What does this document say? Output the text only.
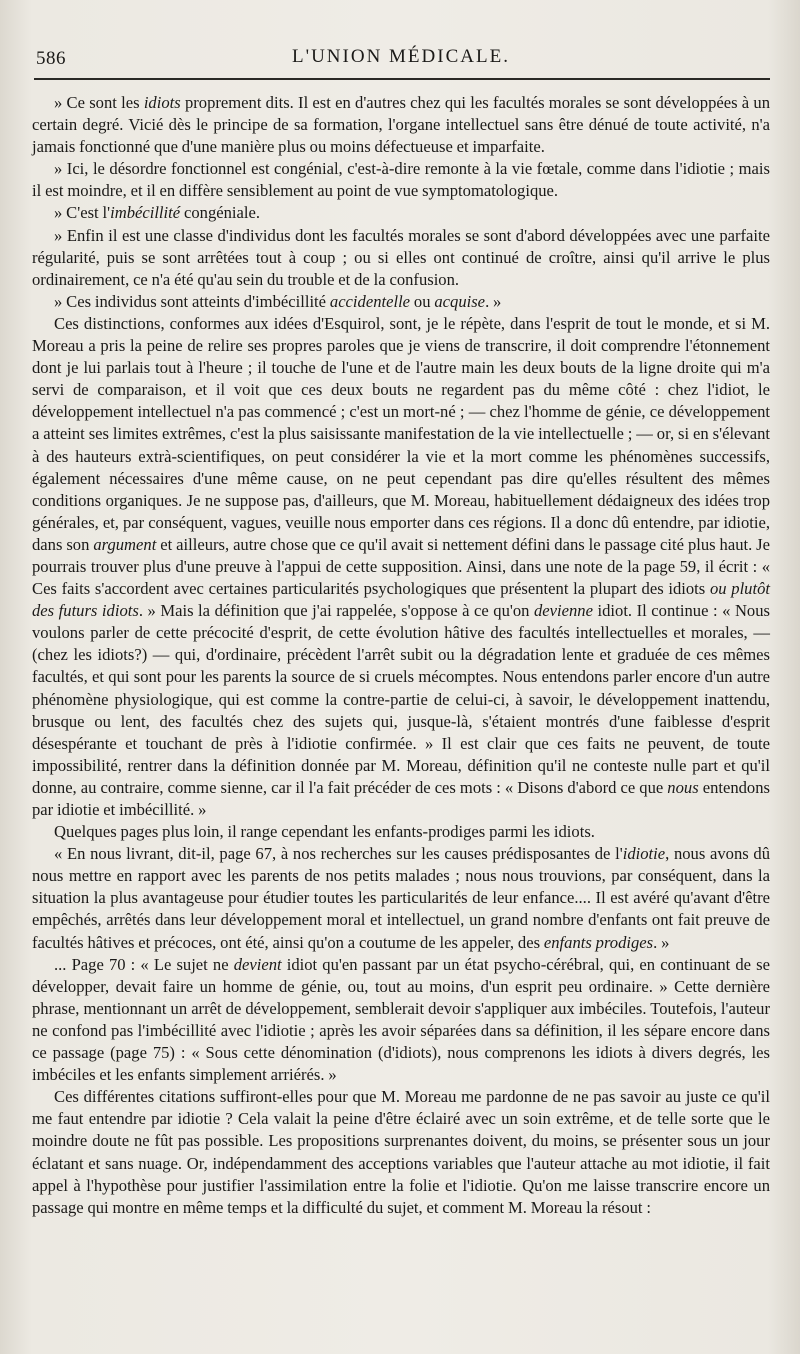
586	L'UNION MÉDICALE.

» Ce sont les idiots proprement dits. Il est en d'autres chez qui les facultés morales se sont développées à un certain degré. Vicié dès le principe de sa formation, l'organe intellectuel sans être dénué de toute activité, n'a jamais fonctionné que d'une manière plus ou moins défectueuse et imparfaite.

» Ici, le désordre fonctionnel est congénial, c'est-à-dire remonte à la vie fœtale, comme dans l'idiotie ; mais il est moindre, et il en diffère sensiblement au point de vue symptomatologique.

» C'est l'imbécillité congéniale.

» Enfin il est une classe d'individus dont les facultés morales se sont d'abord développées avec une parfaite régularité, puis se sont arrêtées tout à coup ; ou si elles ont continué de croître, ainsi qu'il arrive le plus ordinairement, ce n'a été qu'au sein du trouble et de la confusion.

» Ces individus sont atteints d'imbécillité accidentelle ou acquise. »

Ces distinctions, conformes aux idées d'Esquirol, sont, je le répète, dans l'esprit de tout le monde, et si M. Moreau a pris la peine de relire ses propres paroles que je viens de transcrire, il doit comprendre l'étonnement dont je lui parlais tout à l'heure ; il touche de l'une et de l'autre main les deux bouts de la ligne droite qui m'a servi de comparaison, et il voit que ces deux bouts ne regardent pas du même côté : chez l'idiot, le développement intellectuel n'a pas commencé ; c'est un mort-né ; — chez l'homme de génie, ce développement a atteint ses limites extrêmes, c'est la plus saisissante manifestation de la vie intellectuelle ; — or, si en s'élevant à des hauteurs extrà-scientifiques, on peut considérer la vie et la mort comme les phénomènes successifs, également nécessaires d'une même cause, on ne peut cependant pas dire qu'elles résultent des mêmes conditions organiques. Je ne suppose pas, d'ailleurs, que M. Moreau, habituellement dédaigneux des idées trop générales, et, par conséquent, vagues, veuille nous emporter dans ces régions. Il a donc dû entendre, par idiotie, dans son argument et ailleurs, autre chose que ce qu'il avait si nettement défini dans le passage cité plus haut. Je pourrais trouver plus d'une preuve à l'appui de cette supposition. Ainsi, dans une note de la page 59, il écrit : « Ces faits s'accordent avec certaines particularités psychologiques que présentent la plupart des idiots ou plutôt des futurs idiots. » Mais la définition que j'ai rappelée, s'oppose à ce qu'on devienne idiot. Il continue : « Nous voulons parler de cette précocité d'esprit, de cette évolution hâtive des facultés intellectuelles et morales, — (chez les idiots?) — qui, d'ordinaire, précèdent l'arrêt subit ou la dégradation lente et graduée de ces mêmes facultés, et qui sont pour les parents la source de si cruels mécomptes. Nous entendons parler encore d'un autre phénomène physiologique, qui est comme la contre-partie de celui-ci, à savoir, le développement inattendu, brusque ou lent, des facultés chez des sujets qui, jusque-là, s'étaient montrés d'une faiblesse d'esprit désespérante et touchant de près à l'idiotie confirmée. » Il est clair que ces faits ne peuvent, de toute impossibilité, rentrer dans la définition donnée par M. Moreau, définition qu'il ne conteste nulle part et qu'il donne, au contraire, comme sienne, car il l'a fait précéder de ces mots : « Disons d'abord ce que nous entendons par idiotie et imbécillité. »

Quelques pages plus loin, il range cependant les enfants-prodiges parmi les idiots.

« En nous livrant, dit-il, page 67, à nos recherches sur les causes prédisposantes de l'idiotie, nous avons dû nous mettre en rapport avec les parents de nos petits malades ; nous nous trouvions, par conséquent, dans la situation la plus avantageuse pour étudier toutes les particularités de leur enfance.... Il est avéré qu'avant d'être empêchés, arrêtés dans leur développement moral et intellectuel, un grand nombre d'enfants ont fait preuve de facultés hâtives et précoces, ont été, ainsi qu'on a coutume de les appeler, des enfants prodiges. »

... Page 70 : « Le sujet ne devient idiot qu'en passant par un état psycho-cérébral, qui, en continuant de se développer, devait faire un homme de génie, ou, tout au moins, d'un esprit peu ordinaire. » Cette dernière phrase, mentionnant un arrêt de développement, semblerait devoir s'appliquer aux imbéciles. Toutefois, l'auteur ne confond pas l'imbécillité avec l'idiotie ; après les avoir séparées dans sa définition, il les sépare encore dans ce passage (page 75) : « Sous cette dénomination (d'idiots), nous comprenons les idiots à divers degrés, les imbéciles et les enfants simplement arriérés. »

Ces différentes citations suffiront-elles pour que M. Moreau me pardonne de ne pas savoir au juste ce qu'il me faut entendre par idiotie ? Cela valait la peine d'être éclairé avec un soin extrême, et de telle sorte que le moindre doute ne fût pas possible. Les propositions surprenantes doivent, du moins, se présenter sous un jour éclatant et sans nuage. Or, indépendamment des acceptions variables que l'auteur attache au mot idiotie, il fait appel à l'hypothèse pour justifier l'assimilation entre la folie et l'idiotie. Qu'on me laisse transcrire encore un passage qui montre en même temps et la difficulté du sujet, et comment M. Moreau la résout :
